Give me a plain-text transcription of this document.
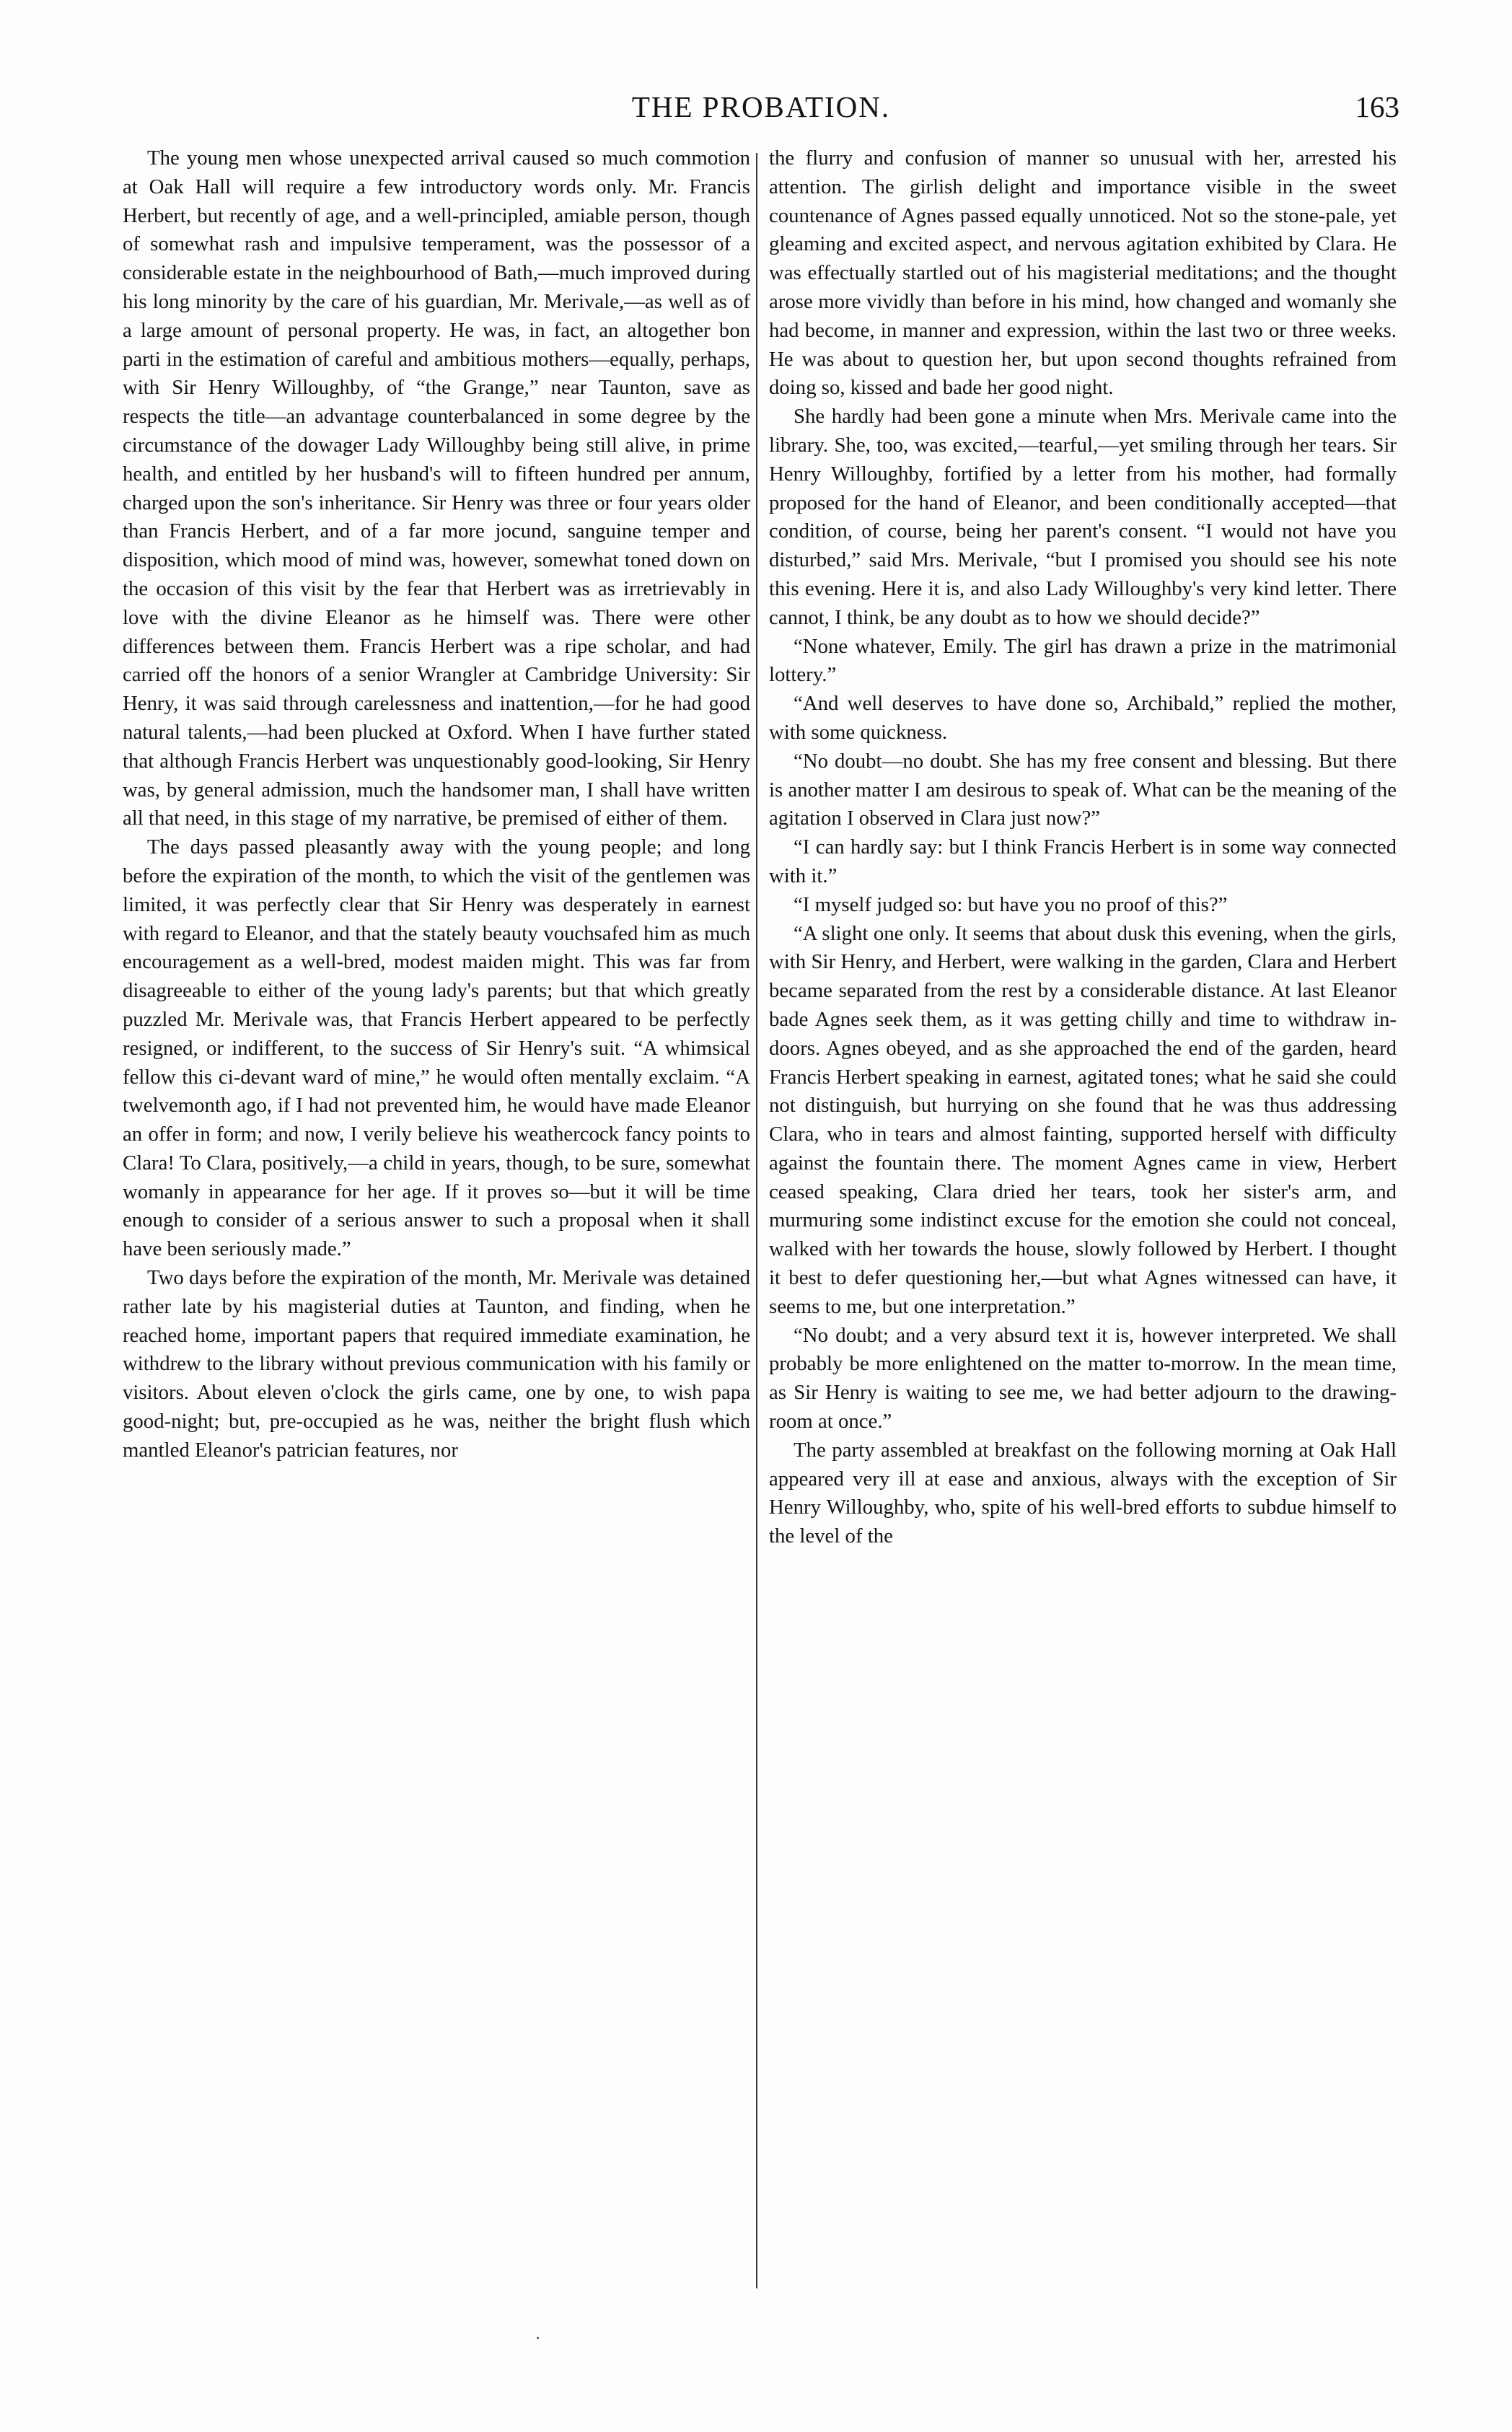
THE PROBATION.	163

The young men whose unexpected arrival caused so much commotion at Oak Hall will require a few introductory words only. Mr. Francis Herbert, but recently of age, and a well-principled, amiable person, though of somewhat rash and impulsive temperament, was the possessor of a considerable estate in the neighbourhood of Bath,—much improved during his long minority by the care of his guardian, Mr. Merivale,—as well as of a large amount of personal property. He was, in fact, an altogether bon parti in the estimation of careful and ambitious mothers—equally, perhaps, with Sir Henry Willoughby, of “the Grange,” near Taunton, save as respects the title—an advantage counterbalanced in some degree by the circumstance of the dowager Lady Willoughby being still alive, in prime health, and entitled by her husband's will to fifteen hundred per annum, charged upon the son's inheritance. Sir Henry was three or four years older than Francis Herbert, and of a far more jocund, sanguine temper and disposition, which mood of mind was, however, somewhat toned down on the occasion of this visit by the fear that Herbert was as irretrievably in love with the divine Eleanor as he himself was. There were other differences between them. Francis Herbert was a ripe scholar, and had carried off the honors of a senior Wrangler at Cambridge University: Sir Henry, it was said through carelessness and inattention,—for he had good natural talents,—had been plucked at Oxford. When I have further stated that although Francis Herbert was unquestionably good-looking, Sir Henry was, by general admission, much the handsomer man, I shall have written all that need, in this stage of my narrative, be premised of either of them.

The days passed pleasantly away with the young people; and long before the expiration of the month, to which the visit of the gentlemen was limited, it was perfectly clear that Sir Henry was desperately in earnest with regard to Eleanor, and that the stately beauty vouchsafed him as much encouragement as a well-bred, modest maiden might. This was far from disagreeable to either of the young lady's parents; but that which greatly puzzled Mr. Merivale was, that Francis Herbert appeared to be perfectly resigned, or indifferent, to the success of Sir Henry's suit. “A whimsical fellow this ci-devant ward of mine,” he would often mentally exclaim. “A twelvemonth ago, if I had not prevented him, he would have made Eleanor an offer in form; and now, I verily believe his weathercock fancy points to Clara! To Clara, positively,—a child in years, though, to be sure, somewhat womanly in appearance for her age. If it proves so—but it will be time enough to consider of a serious answer to such a proposal when it shall have been seriously made.”

Two days before the expiration of the month, Mr. Merivale was detained rather late by his magisterial duties at Taunton, and finding, when he reached home, important papers that required immediate examination, he withdrew to the library without previous communication with his family or visitors. About eleven o'clock the girls came, one by one, to wish papa good-night; but, pre-occupied as he was, neither the bright flush which mantled Eleanor's patrician features, nor

the flurry and confusion of manner so unusual with her, arrested his attention. The girlish delight and importance visible in the sweet countenance of Agnes passed equally unnoticed. Not so the stone-pale, yet gleaming and excited aspect, and nervous agitation exhibited by Clara. He was effectually startled out of his magisterial meditations; and the thought arose more vividly than before in his mind, how changed and womanly she had become, in manner and expression, within the last two or three weeks. He was about to question her, but upon second thoughts refrained from doing so, kissed and bade her good night.

She hardly had been gone a minute when Mrs. Merivale came into the library. She, too, was excited,—tearful,—yet smiling through her tears. Sir Henry Willoughby, fortified by a letter from his mother, had formally proposed for the hand of Eleanor, and been conditionally accepted—that condition, of course, being her parent's consent. “I would not have you disturbed,” said Mrs. Merivale, “but I promised you should see his note this evening. Here it is, and also Lady Willoughby's very kind letter. There cannot, I think, be any doubt as to how we should decide?”

“None whatever, Emily. The girl has drawn a prize in the matrimonial lottery.”

“And well deserves to have done so, Archibald,” replied the mother, with some quickness.

“No doubt—no doubt. She has my free consent and blessing. But there is another matter I am desirous to speak of. What can be the meaning of the agitation I observed in Clara just now?”

“I can hardly say: but I think Francis Herbert is in some way connected with it.”

“I myself judged so: but have you no proof of this?”

“A slight one only. It seems that about dusk this evening, when the girls, with Sir Henry, and Herbert, were walking in the garden, Clara and Herbert became separated from the rest by a considerable distance. At last Eleanor bade Agnes seek them, as it was getting chilly and time to withdraw in-doors. Agnes obeyed, and as she approached the end of the garden, heard Francis Herbert speaking in earnest, agitated tones; what he said she could not distinguish, but hurrying on she found that he was thus addressing Clara, who in tears and almost fainting, supported herself with difficulty against the fountain there. The moment Agnes came in view, Herbert ceased speaking, Clara dried her tears, took her sister's arm, and murmuring some indistinct excuse for the emotion she could not conceal, walked with her towards the house, slowly followed by Herbert. I thought it best to defer questioning her,—but what Agnes witnessed can have, it seems to me, but one interpretation.”

“No doubt; and a very absurd text it is, however interpreted. We shall probably be more enlightened on the matter to-morrow. In the mean time, as Sir Henry is waiting to see me, we had better adjourn to the drawing-room at once.”

The party assembled at breakfast on the following morning at Oak Hall appeared very ill at ease and anxious, always with the exception of Sir Henry Willoughby, who, spite of his well-bred efforts to subdue himself to the level of the

·
